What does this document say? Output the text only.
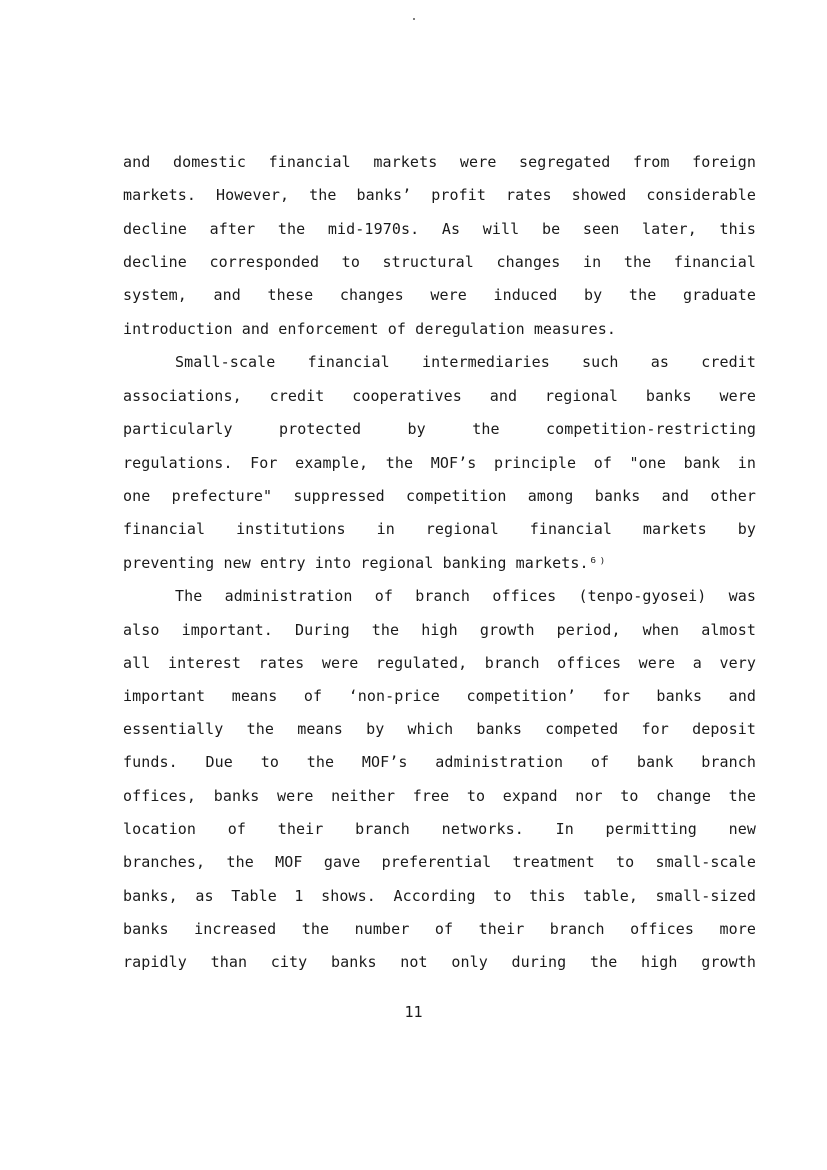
and domestic financial markets were segregated from foreign
markets. However, the banks’ profit rates showed considerable
decline after the mid-1970s. As will be seen later, this
decline corresponded to structural changes in the financial
system, and these changes were induced by the graduate
introduction and enforcement of deregulation measures.
Small-scale financial intermediaries such as credit
associations, credit cooperatives and regional banks were
particularly protected by the competition-restricting
regulations. For example, the MOF’s principle of "one bank in
one prefecture" suppressed competition among banks and other
financial institutions in regional financial markets by
preventing new entry into regional banking markets.⁶⁾
The administration of branch offices (tenpo-gyosei) was
also important. During the high growth period, when almost
all interest rates were regulated, branch offices were a very
important means of ‘non-price competition’ for banks and
essentially the means by which banks competed for deposit
funds. Due to the MOF’s administration of bank branch
offices, banks were neither free to expand nor to change the
location of their branch networks. In permitting new
branches, the MOF gave preferential treatment to small-scale
banks, as Table 1 shows. According to this table, small-sized
banks increased the number of their branch offices more
rapidly than city banks not only during the high growth
11
